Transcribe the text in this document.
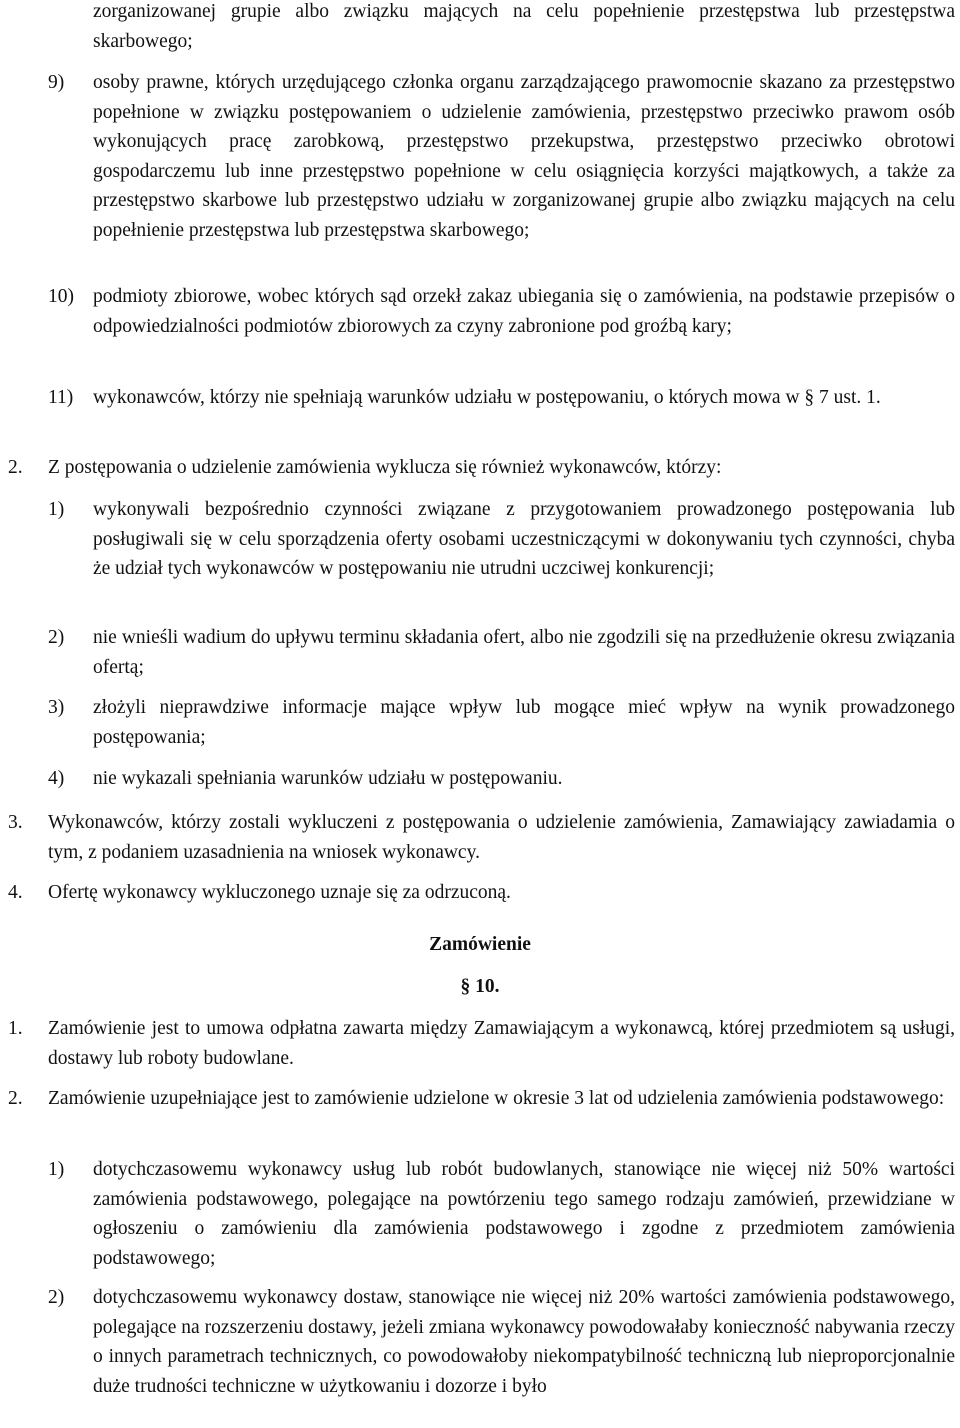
zorganizowanej grupie albo związku mających na celu popełnienie przestępstwa lub przestępstwa skarbowego;
9) osoby prawne, których urzędującego członka organu zarządzającego prawomocnie skazano za przestępstwo popełnione w związku postępowaniem o udzielenie zamówienia, przestępstwo przeciwko prawom osób wykonujących pracę zarobkową, przestępstwo przekupstwa, przestępstwo przeciwko obrotowi gospodarczemu lub inne przestępstwo popełnione w celu osiągnięcia korzyści majątkowych, a także za przestępstwo skarbowe lub przestępstwo udziału w zorganizowanej grupie albo związku mających na celu popełnienie przestępstwa lub przestępstwa skarbowego;
10) podmioty zbiorowe, wobec których sąd orzekł zakaz ubiegania się o zamówienia, na podstawie przepisów o odpowiedzialności podmiotów zbiorowych za czyny zabronione pod groźbą kary;
11) wykonawców, którzy nie spełniają warunków udziału w postępowaniu, o których mowa w § 7 ust. 1.
2. Z postępowania o udzielenie zamówienia wyklucza się również wykonawców, którzy:
1) wykonywali bezpośrednio czynności związane z przygotowaniem prowadzonego postępowania lub posługiwali się w celu sporządzenia oferty osobami uczestniczącymi w dokonywaniu tych czynności, chyba że udział tych wykonawców w postępowaniu nie utrudni uczciwej konkurencji;
2) nie wnieśli wadium do upływu terminu składania ofert, albo nie zgodzili się na przedłużenie okresu związania ofertą;
3) złożyli nieprawdziwe informacje mające wpływ lub mogące mieć wpływ na wynik prowadzonego postępowania;
4) nie wykazali spełniania warunków udziału w postępowaniu.
3. Wykonawców, którzy zostali wykluczeni z postępowania o udzielenie zamówienia, Zamawiający zawiadamia o tym, z podaniem uzasadnienia na wniosek wykonawcy.
4. Ofertę wykonawcy wykluczonego uznaje się za odrzuconą.
Zamówienie
§ 10.
1. Zamówienie jest to umowa odpłatna zawarta między Zamawiającym a wykonawcą, której przedmiotem są usługi, dostawy lub roboty budowlane.
2. Zamówienie uzupełniające jest to zamówienie udzielone w okresie 3 lat od udzielenia zamówienia podstawowego:
1) dotychczasowemu wykonawcy usług lub robót budowlanych, stanowiące nie więcej niż 50% wartości zamówienia podstawowego, polegające na powtórzeniu tego samego rodzaju zamówień, przewidziane w ogłoszeniu o zamówieniu dla zamówienia podstawowego i zgodne z przedmiotem zamówienia podstawowego;
2) dotychczasowemu wykonawcy dostaw, stanowiące nie więcej niż 20% wartości zamówienia podstawowego, polegające na rozszerzeniu dostawy, jeżeli zmiana wykonawcy powodowałaby konieczność nabywania rzeczy o innych parametrach technicznych, co powodowałoby niekompatybilność techniczną lub nieproporcjonalnie duże trudności techniczne w użytkowaniu i dozorze i było
